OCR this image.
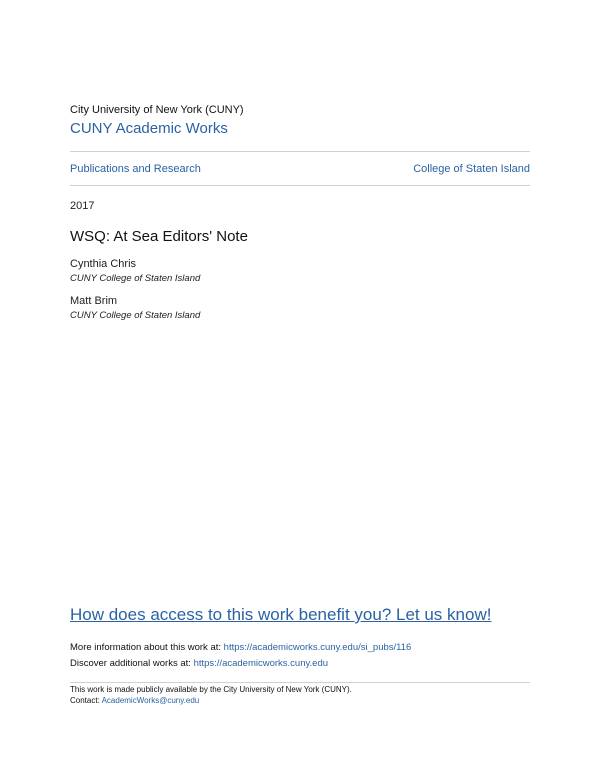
City University of New York (CUNY)
CUNY Academic Works
Publications and Research	College of Staten Island
2017
WSQ: At Sea Editors' Note
Cynthia Chris
CUNY College of Staten Island
Matt Brim
CUNY College of Staten Island
How does access to this work benefit you? Let us know!
More information about this work at: https://academicworks.cuny.edu/si_pubs/116
Discover additional works at: https://academicworks.cuny.edu
This work is made publicly available by the City University of New York (CUNY).
Contact: AcademicWorks@cuny.edu
